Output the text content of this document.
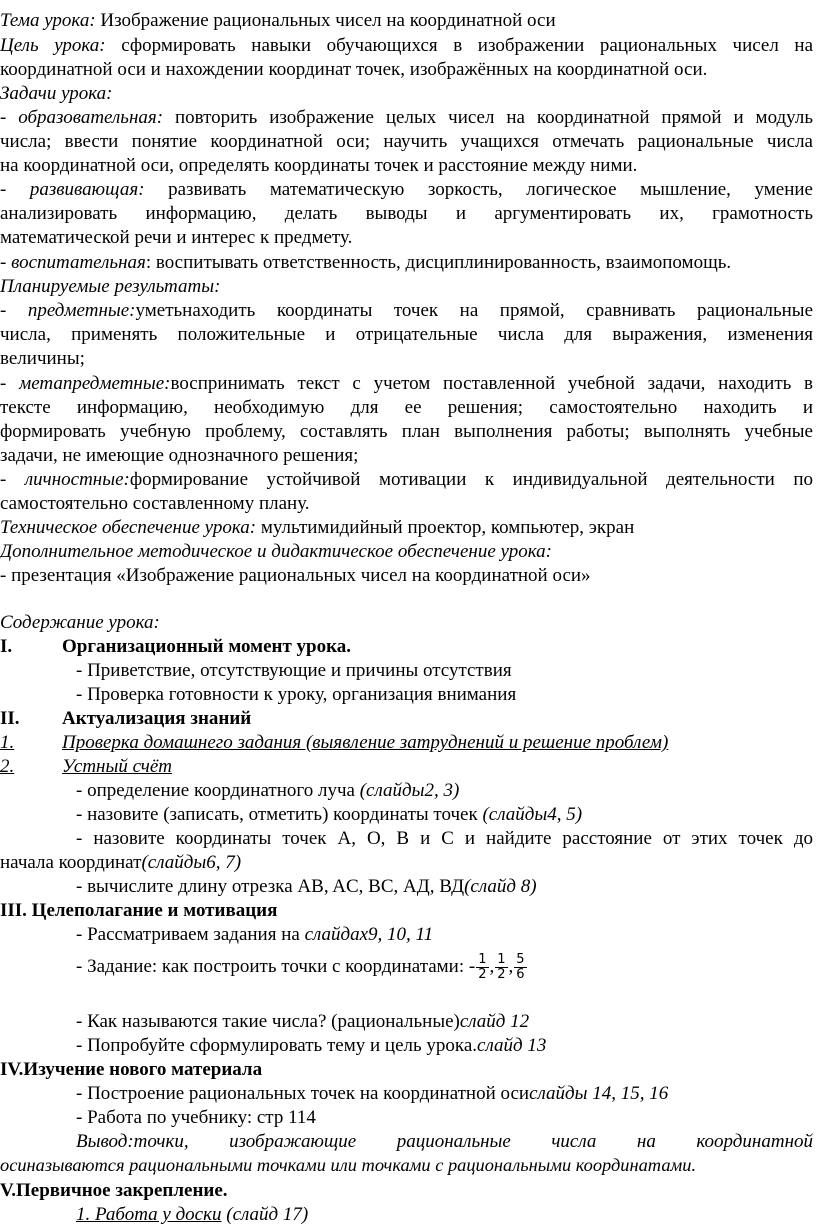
Тема урока: Изображение рациональных чисел на координатной оси
Цель урока: сформировать навыки обучающихся в изображении рациональных чисел на
координатной оси и нахождении координат точек, изображённых на координатной оси.
Задачи урока:
- образовательная: повторить изображение целых чисел на координатной прямой и модуль
числа; ввести понятие координатной оси; научить учащихся отмечать рациональные числа
на координатной оси, определять координаты точек и расстояние между ними.
- развивающая: развивать математическую зоркость, логическое мышление, умение
анализировать информацию, делать выводы и аргументировать их, грамотность
математической речи и интерес к предмету.
- воспитательная: воспитывать ответственность, дисциплинированность, взаимопомощь.
Планируемые результаты:
- предметные:уметьнаходить координаты точек на прямой, сравнивать рациональные
числа, применять положительные и отрицательные числа для выражения, изменения
величины;
- метапредметные:воспринимать текст с учетом поставленной учебной задачи, находить в
тексте информацию, необходимую для ее решения; самостоятельно находить и
формировать учебную проблему, составлять план выполнения работы; выполнять учебные
задачи, не имеющие однозначного решения;
- личностные:формирование устойчивой мотивации к индивидуальной деятельности по
самостоятельно составленному плану.
Техническое обеспечение урока: мультимидийный проектор, компьютер, экран
Дополнительное методическое и дидактическое обеспечение урока:
- презентация «Изображение рациональных чисел на координатной оси»
Содержание урока:
I.	Организационный момент урока.
- Приветствие, отсутствующие и причины отсутствия
- Проверка готовности к уроку, организация внимания
II. Актуализация знаний
1.	Проверка домашнего задания (выявление затруднений и решение проблем)
2.	Устный счёт
- определение координатного луча (слайды2, 3)
- назовите (записать, отметить) координаты точек (слайды4, 5)
- назовите координаты точек A, O, B и C и найдите расстояние от этих точек до
начала координат(слайды6, 7)
- вычислите длину отрезка AB, AC, BC, АД, ВД(слайд 8)
III. Целеполагание и мотивация
- Рассматриваем задания на слайдах9, 10, 11
- Задание: как построить точки с координатами: - $\frac{1}{2}$ , $\frac{1}{2}$ , $\frac{5}{6}$
- Как называются такие числа? (рациональные)слайд 12
- Попробуйте сформулировать тему и цель урока.слайд 13
IV.Изучение нового материала
- Построение рациональных точек на координатной осислайды 14, 15, 16
- Работа по учебнику: стр 114
Вывод:точки, изображающие рациональные числа на координатной
осиназываются рациональными точками или точками с рациональными координатами.
V.Первичное закрепление.
1. Работа у доски (слайд 17)
